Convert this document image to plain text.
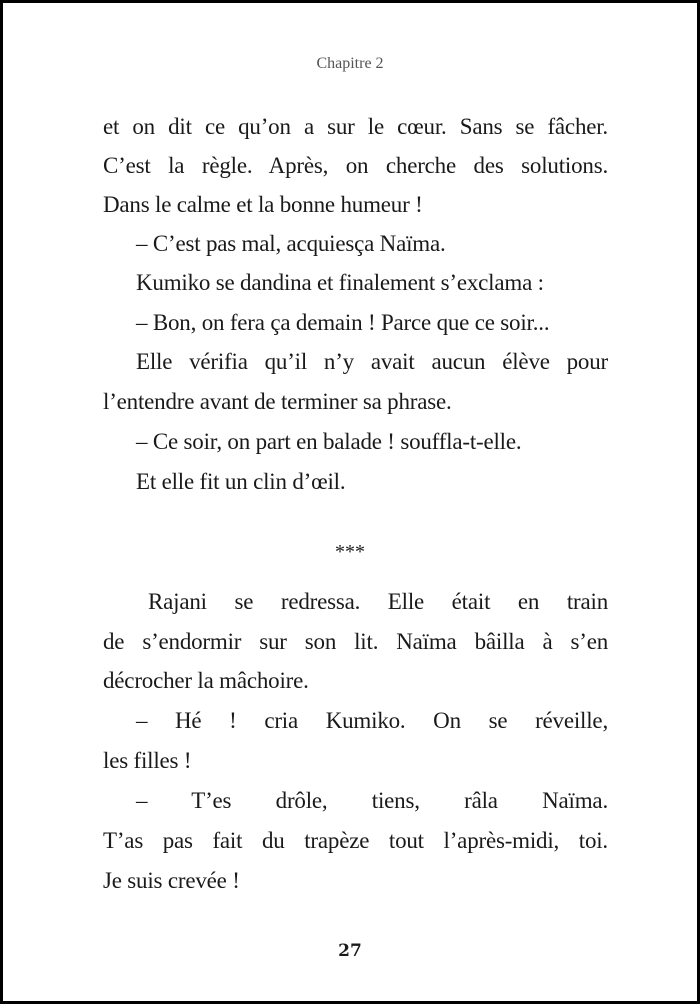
Chapitre 2
et on dit ce qu’on a sur le cœur. Sans se fâcher.
C’est la règle. Après, on cherche des solutions.
Dans le calme et la bonne humeur !
– C’est pas mal, acquiesça Naïma.
Kumiko se dandina et finalement s’exclama :
– Bon, on fera ça demain ! Parce que ce soir...
Elle vérifia qu’il n’y avait aucun élève pour
l’entendre avant de terminer sa phrase.
– Ce soir, on part en balade ! souffla-t-elle.
Et elle fit un clin d’œil.
***
Rajani se redressa. Elle était en train
de s’endormir sur son lit. Naïma bâilla à s’en
décrocher la mâchoire.
– Hé ! cria Kumiko. On se réveille,
les filles !
– T’es drôle, tiens, râla Naïma.
T’as pas fait du trapèze tout l’après-midi, toi.
Je suis crevée !
27
